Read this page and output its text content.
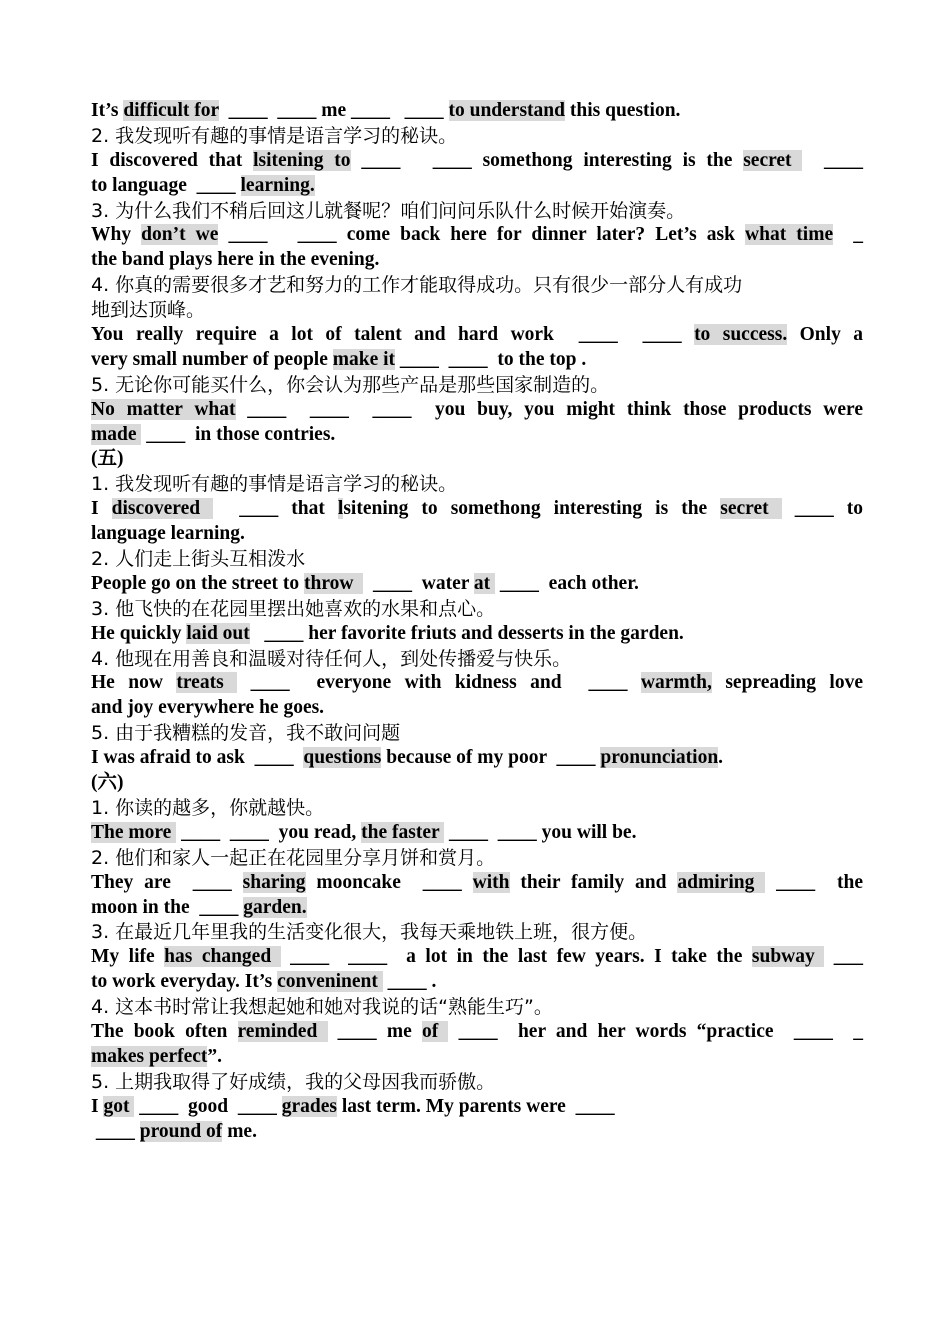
It’s difficult for  ____  ____ me ____   ____ to understand this question.
2. 我发现听有趣的事情是语言学习的秘诀。
I discovered that lsitening to ____   ____ somethong interesting is the secret   ____
to language  ____ learning.
3. 为什么我们不稍后回这儿就餐呢？咱们问问乐队什么时候开始演奏。
Why don’t we ____   ____ come back here for dinner later? Let’s ask what time  _
the band plays here in the evening.
4. 你真的需要很多才艺和努力的工作才能取得成功。只有很少一部分人有成功
地到达顶峰。
You really require a lot of talent and hard work  ____  ____ to success. Only a
very small number of people make it ____  ____  to the top .
5. 无论你可能买什么，你会认为那些产品是那些国家制造的。
No matter what ____  ____  ____  you buy, you might think those products were
made  ____  in those contries.
(五)
1. 我发现听有趣的事情是语言学习的秘诀。
I discovered   ____ that lsitening to somethong interesting is the secret  ____ to
language learning.
2. 人们走上街头互相泼水
People go on the street to throw    ____  water at  ____  each other.
3. 他飞快的在花园里摆出她喜欢的水果和点心。
He quickly laid out   ____ her favorite friuts and desserts in the garden.
4. 他现在用善良和温暖对待任何人，到处传播爱与快乐。
He now treats  ____  everyone with kidness and  ____ warmth, sepreading love
and joy everywhere he goes.
5. 由于我糟糕的发音，我不敢问问题
I was afraid to ask  ____  questions because of my poor  ____ pronunciation.
(六)
1. 你读的越多，你就越快。
The more  ____  ____  you read, the faster  ____  ____ you will be.
2. 他们和家人一起正在花园里分享月饼和赏月。
They are  ____ sharing mooncake  ____ with their family and admiring  ____  the
moon in the  ____ garden.
3. 在最近几年里我的生活变化很大，我每天乘地铁上班，很方便。
My life has changed  ____  ____  a lot in the last few years. I take the subway  ___
to work everyday. It’s conveninent  ____ .
4. 这本书时常让我想起她和她对我说的话“熟能生巧”。
The book often reminded  ____ me of  ____  her and her words “practice  ____  _
makes perfect”.
5. 上期我取得了好成绩，我的父母因我而骄傲。
I got  ____  good  ____ grades last term. My parents were  ____
____ pround of me.
